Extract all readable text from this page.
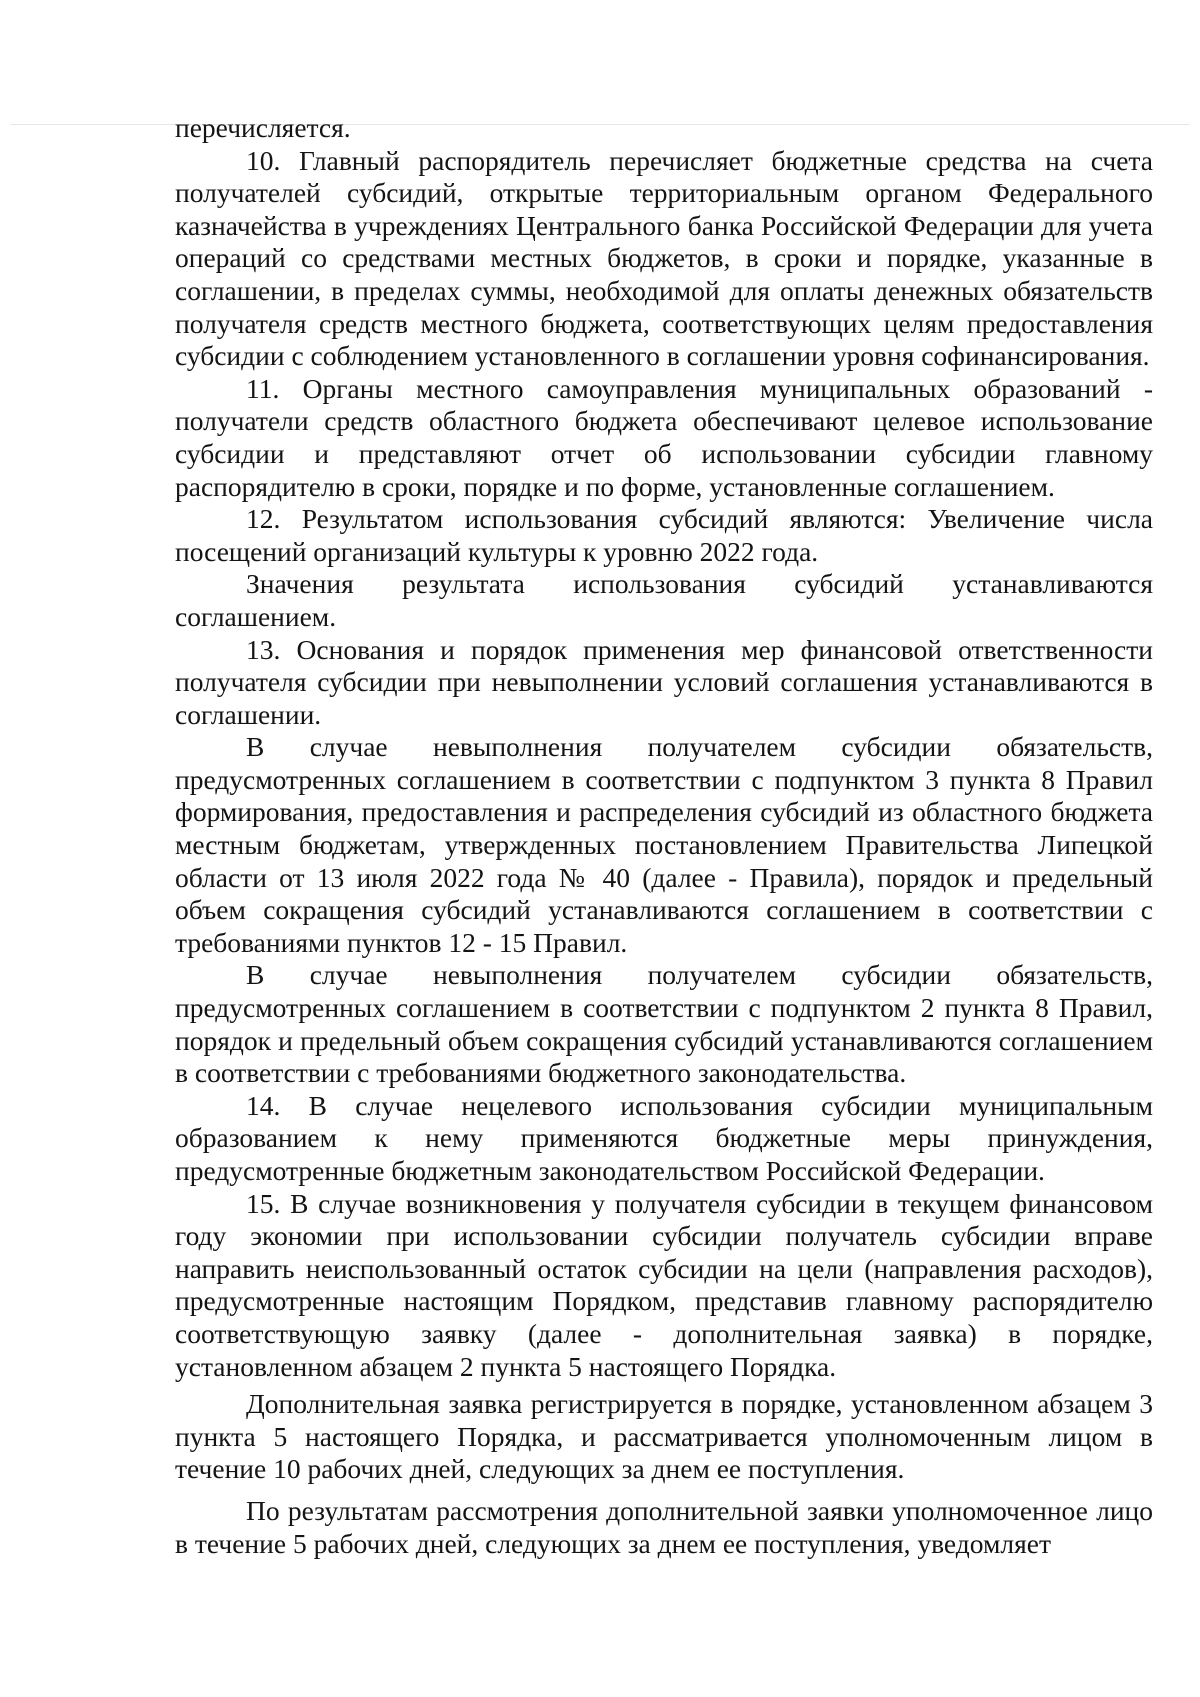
перечисляется.

10. Главный распорядитель перечисляет бюджетные средства на счета получателей субсидий, открытые территориальным органом Федерального казначейства в учреждениях Центрального банка Российской Федерации для учета операций со средствами местных бюджетов, в сроки и порядке, указанные в соглашении, в пределах суммы, необходимой для оплаты денежных обязательств получателя средств местного бюджета, соответствующих целям предоставления субсидии с соблюдением установленного в соглашении уровня софинансирования.

11. Органы местного самоуправления муниципальных образований - получатели средств областного бюджета обеспечивают целевое использование субсидии и представляют отчет об использовании субсидии главному распорядителю в сроки, порядке и по форме, установленные соглашением.

12. Результатом использования субсидий являются: Увеличение числа посещений организаций культуры к уровню 2022 года.

Значения результата использования субсидий устанавливаются соглашением.

13. Основания и порядок применения мер финансовой ответственности получателя субсидии при невыполнении условий соглашения устанавливаются в соглашении.

В случае невыполнения получателем субсидии обязательств, предусмотренных соглашением в соответствии с подпунктом 3 пункта 8 Правил формирования, предоставления и распределения субсидий из областного бюджета местным бюджетам, утвержденных постановлением Правительства Липецкой области от 13 июля 2022 года № 40 (далее - Правила), порядок и предельный объем сокращения субсидий устанавливаются соглашением в соответствии с требованиями пунктов 12 - 15 Правил.

В случае невыполнения получателем субсидии обязательств, предусмотренных соглашением в соответствии с подпунктом 2 пункта 8 Правил, порядок и предельный объем сокращения субсидий устанавливаются соглашением в соответствии с требованиями бюджетного законодательства.

14. В случае нецелевого использования субсидии муниципальным образованием к нему применяются бюджетные меры принуждения, предусмотренные бюджетным законодательством Российской Федерации.

15. В случае возникновения у получателя субсидии в текущем финансовом году экономии при использовании субсидии получатель субсидии вправе направить неиспользованный остаток субсидии на цели (направления расходов), предусмотренные настоящим Порядком, представив главному распорядителю соответствующую заявку (далее - дополнительная заявка) в порядке, установленном абзацем 2 пункта 5 настоящего Порядка.

Дополнительная заявка регистрируется в порядке, установленном абзацем 3 пункта 5 настоящего Порядка, и рассматривается уполномоченным лицом в течение 10 рабочих дней, следующих за днем ее поступления.

По результатам рассмотрения дополнительной заявки уполномоченное лицо в течение 5 рабочих дней, следующих за днем ее поступления, уведомляет
